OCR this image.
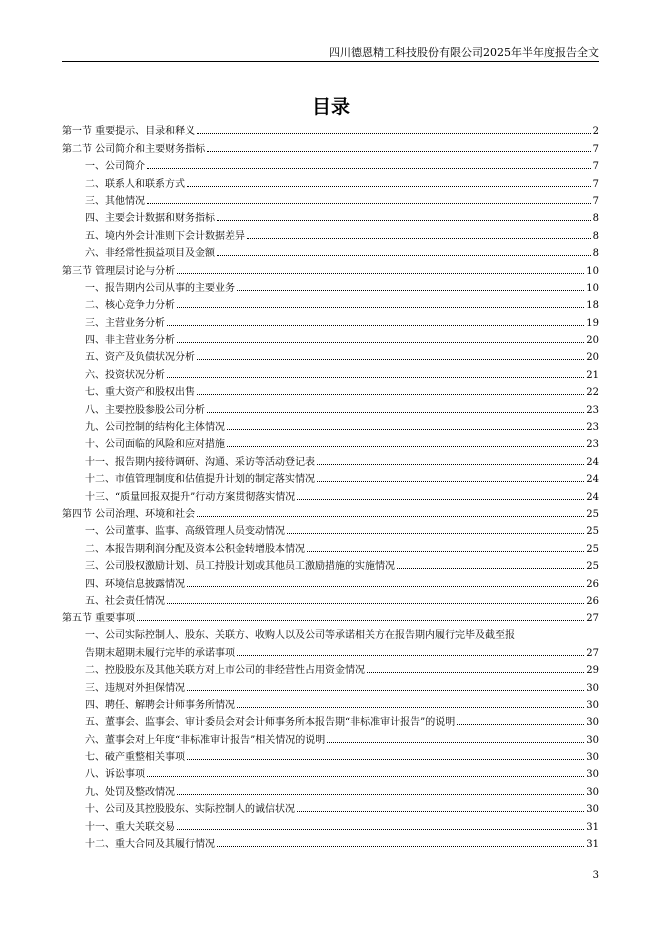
四川德恩精工科技股份有限公司2025年半年度报告全文
目录
第一节 重要提示、目录和释义	2
第二节 公司简介和主要财务指标	7
一、公司简介	7
二、联系人和联系方式	7
三、其他情况	7
四、主要会计数据和财务指标	8
五、境内外会计准则下会计数据差异	8
六、非经常性损益项目及金额	8
第三节 管理层讨论与分析	10
一、报告期内公司从事的主要业务	10
二、核心竞争力分析	18
三、主营业务分析	19
四、非主营业务分析	20
五、资产及负债状况分析	20
六、投资状况分析	21
七、重大资产和股权出售	22
八、主要控股参股公司分析	23
九、公司控制的结构化主体情况	23
十、公司面临的风险和应对措施	23
十一、报告期内接待调研、沟通、采访等活动登记表	24
十二、市值管理制度和估值提升计划的制定落实情况	24
十三、“质量回报双提升”行动方案贯彻落实情况	24
第四节 公司治理、环境和社会	25
一、公司董事、监事、高级管理人员变动情况	25
二、本报告期利润分配及资本公积金转增股本情况	25
三、公司股权激励计划、员工持股计划或其他员工激励措施的实施情况	25
四、环境信息披露情况	26
五、社会责任情况	26
第五节 重要事项	27
一、公司实际控制人、股东、关联方、收购人以及公司等承诺相关方在报告期内履行完毕及截至报
告期末超期未履行完毕的承诺事项	27
二、控股股东及其他关联方对上市公司的非经营性占用资金情况	29
三、违规对外担保情况	30
四、聘任、解聘会计师事务所情况	30
五、董事会、监事会、审计委员会对会计师事务所本报告期“非标准审计报告”的说明	30
六、董事会对上年度“非标准审计报告”相关情况的说明	30
七、破产重整相关事项	30
八、诉讼事项	30
九、处罚及整改情况	30
十、公司及其控股股东、实际控制人的诚信状况	30
十一、重大关联交易	31
十二、重大合同及其履行情况	31
3
